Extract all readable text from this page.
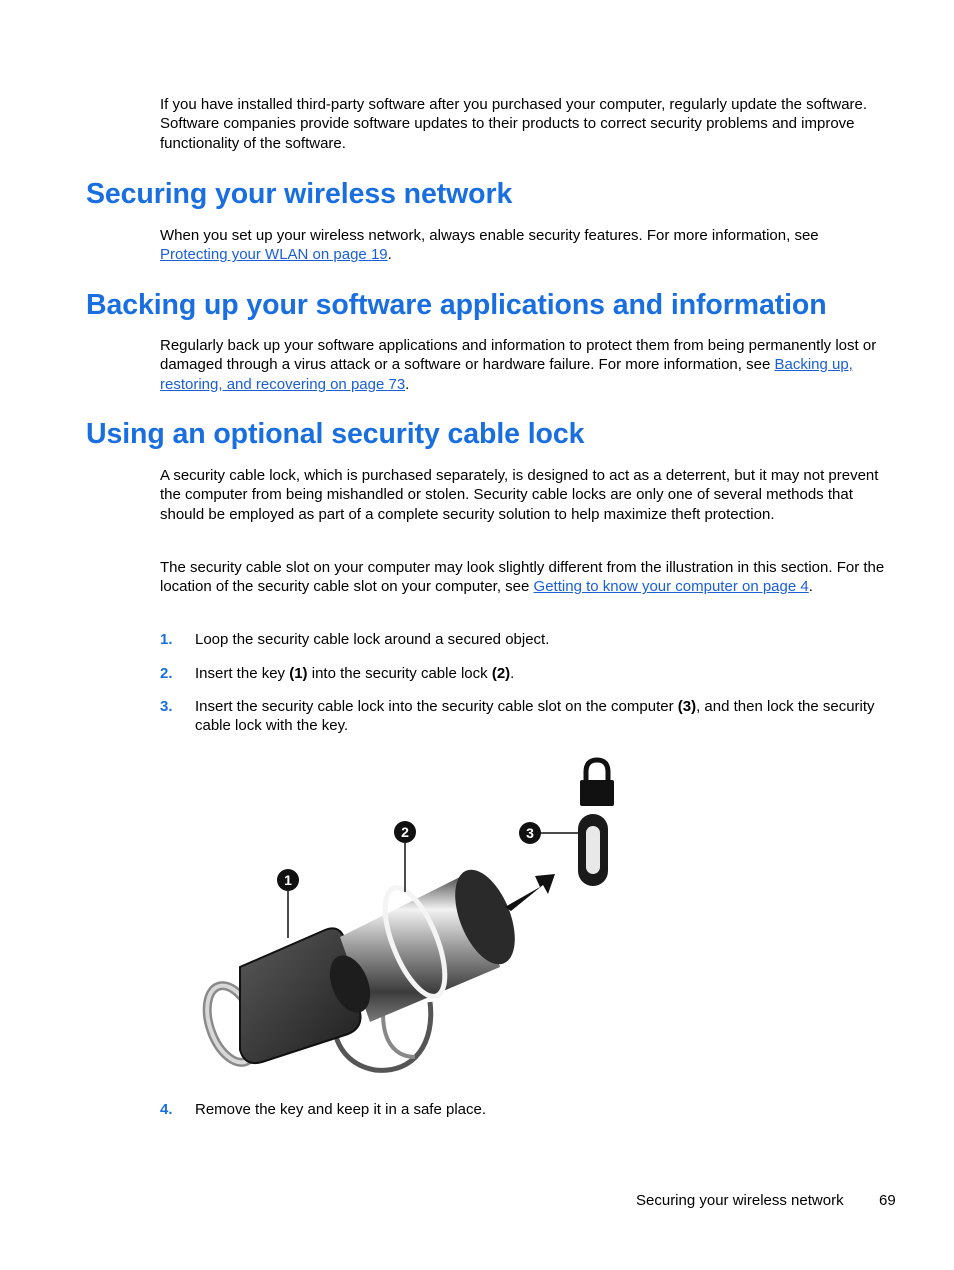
If you have installed third-party software after you purchased your computer, regularly update the software. Software companies provide software updates to their products to correct security problems and improve functionality of the software.

Securing your wireless network

When you set up your wireless network, always enable security features. For more information, see Protecting your WLAN on page 19.

Backing up your software applications and information

Regularly back up your software applications and information to protect them from being permanently lost or damaged through a virus attack or a software or hardware failure. For more information, see Backing up, restoring, and recovering on page 73.

Using an optional security cable lock

A security cable lock, which is purchased separately, is designed to act as a deterrent, but it may not prevent the computer from being mishandled or stolen. Security cable locks are only one of several methods that should be employed as part of a complete security solution to help maximize theft protection.

The security cable slot on your computer may look slightly different from the illustration in this section. For the location of the security cable slot on your computer, see Getting to know your computer on page 4.

1. Loop the security cable lock around a secured object.
2. Insert the key (1) into the security cable lock (2).
3. Insert the security cable lock into the security cable slot on the computer (3), and then lock the security cable lock with the key.
1
2	3
4. Remove the key and keep it in a safe place.
Securing your wireless network 69
